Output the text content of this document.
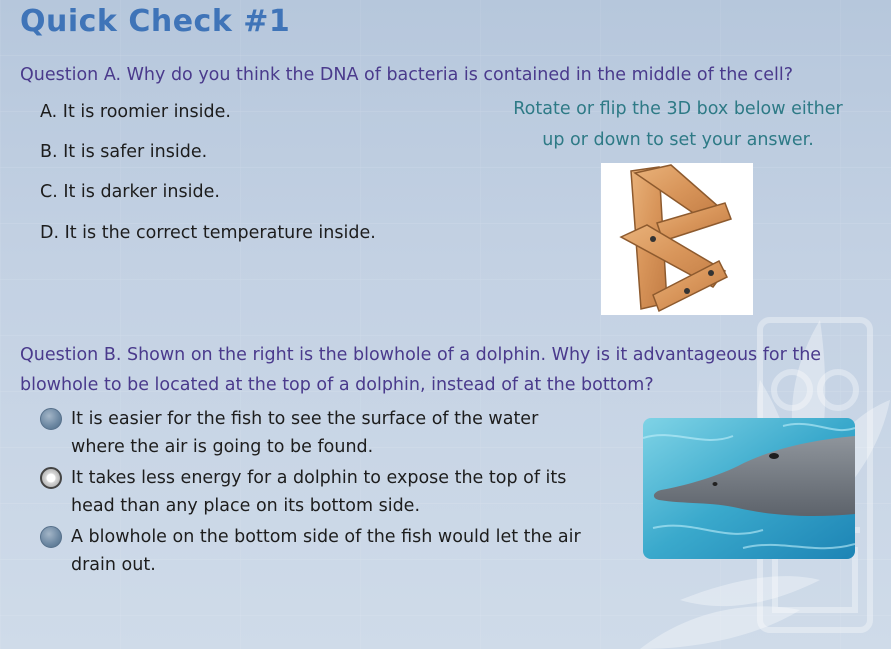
Quick Check #1
Question A. Why do you think the DNA of bacteria is contained in the middle of the cell?
A. It is roomier inside.
B. It is safer inside.
C. It is darker inside.
D. It is the correct temperature inside.
Rotate or flip the 3D box below either
up or down to set your answer.
Question B. Shown on the right is the blowhole of a dolphin. Why is it advantageous for the blowhole to be located at the top of a dolphin, instead of at the bottom?
It is easier for the fish to see the surface of the water
where the air is going to be found.
It takes less energy for a dolphin to expose the top of its
head than any place on its bottom side.
A blowhole on the bottom side of the fish would let the air
drain out.
